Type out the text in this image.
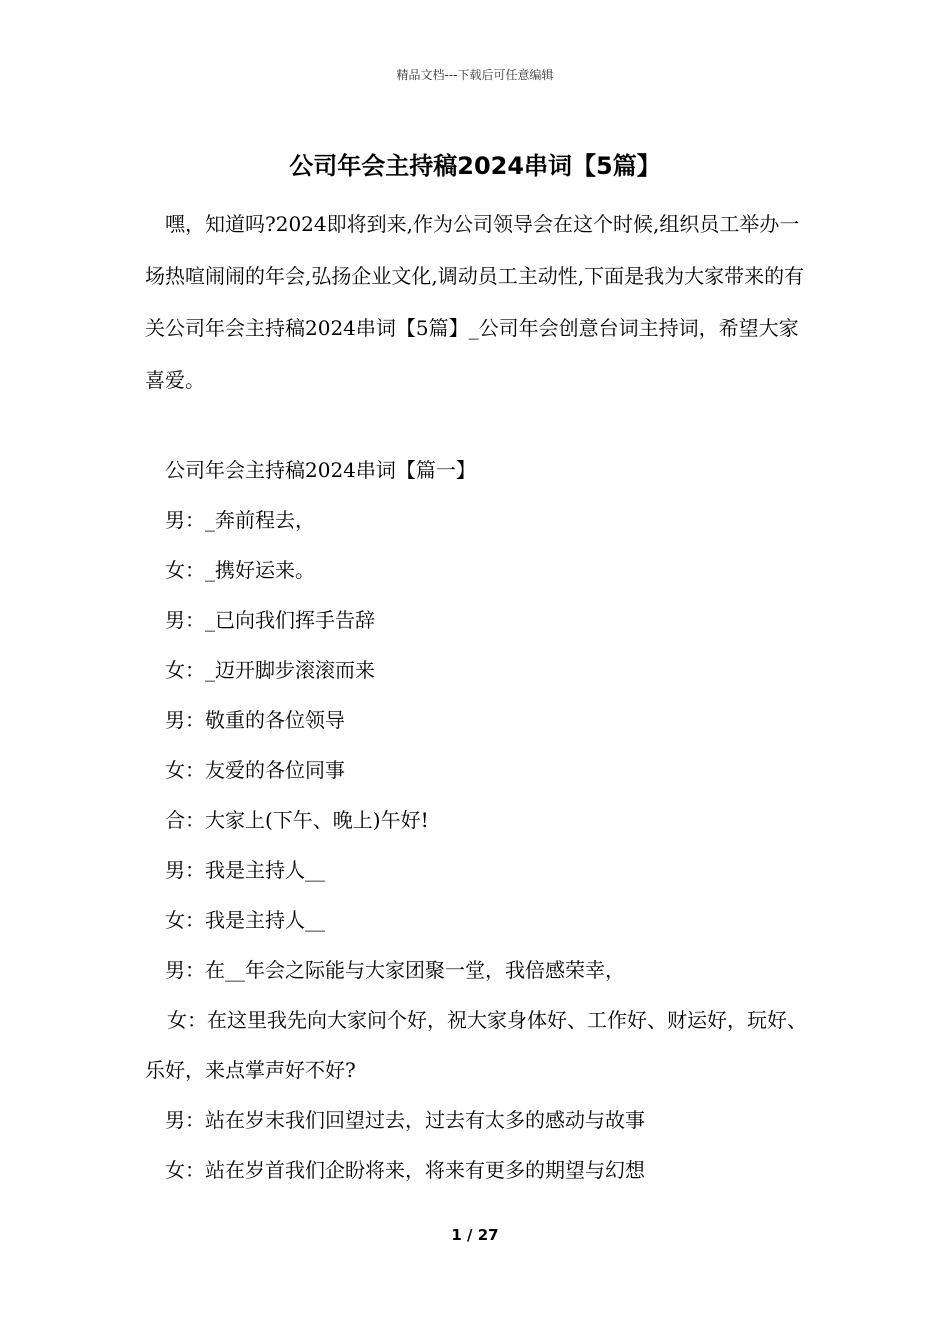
精品文档---下载后可任意编辑
公司年会主持稿2024串词【5篇】

嘿，知道吗?2024即将到来,作为公司领导会在这个时候,组织员工举办一场热喧闹闹的年会,弘扬企业文化,调动员工主动性,下面是我为大家带来的有关公司年会主持稿2024串词【5篇】_公司年会创意台词主持词，希望大家喜爱。

公司年会主持稿2024串词【篇一】
男：_奔前程去，
女：_携好运来。
男：_已向我们挥手告辞
女：_迈开脚步滚滚而来
男：敬重的各位领导
女：友爱的各位同事
合：大家上(下午、晚上)午好!
男：我是主持人__
女：我是主持人__
男：在__年会之际能与大家团聚一堂，我倍感荣幸，
女：在这里我先向大家问个好，祝大家身体好、工作好、财运好，玩好、乐好，来点掌声好不好?
男：站在岁末我们回望过去，过去有太多的感动与故事
女：站在岁首我们企盼将来，将来有更多的期望与幻想
1 / 27
